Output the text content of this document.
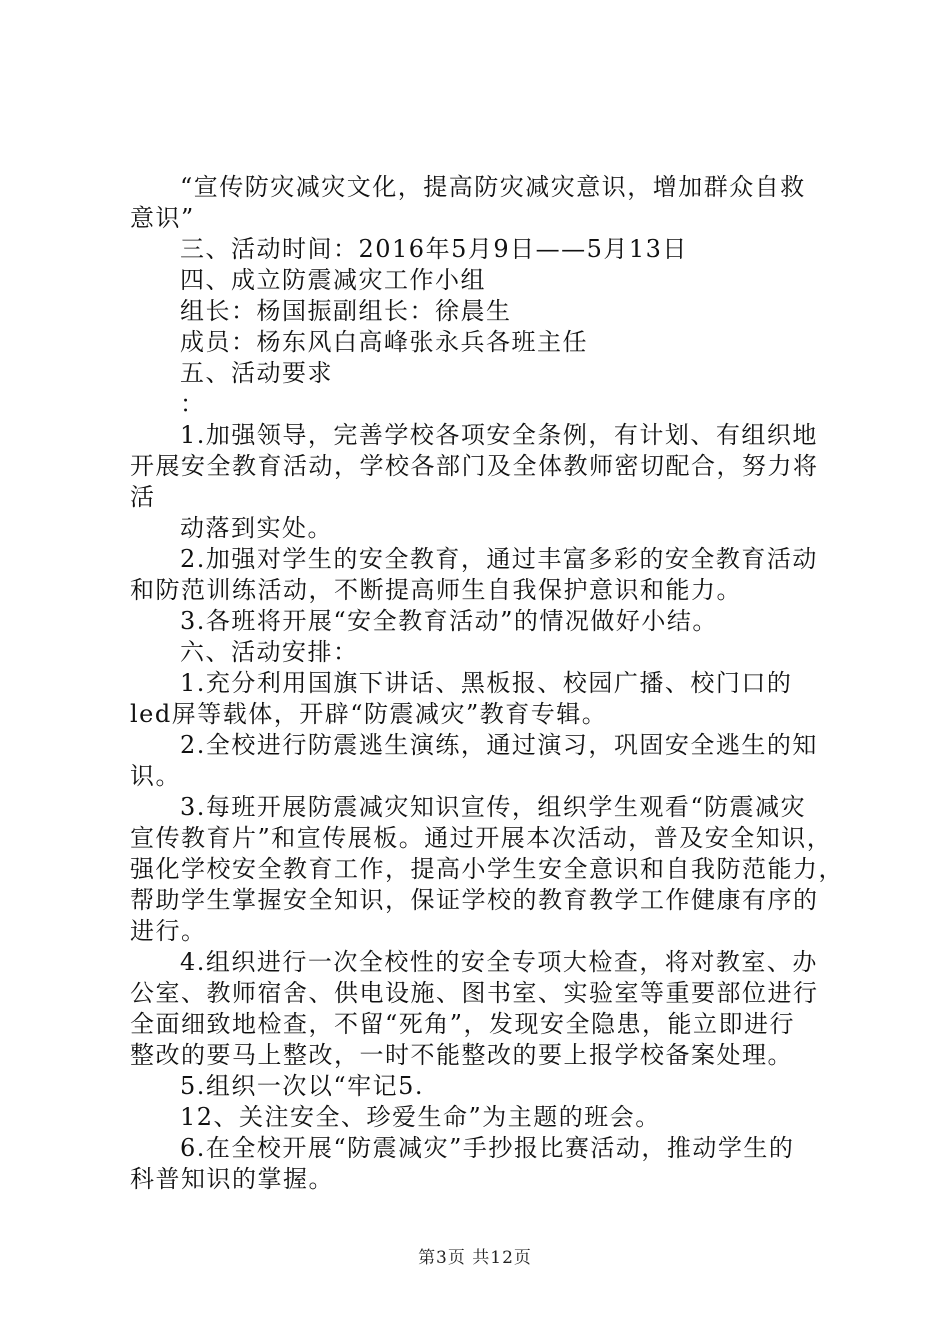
“宣传防灾减灾文化，提高防灾减灾意识，增加群众自救
意识”
三、活动时间：2016年5月9日——5月13日
四、成立防震减灾工作小组
组长：杨国振副组长：徐晨生
成员：杨东风白高峰张永兵各班主任
五、活动要求
：
1.加强领导，完善学校各项安全条例，有计划、有组织地
开展安全教育活动，学校各部门及全体教师密切配合，努力将
活
动落到实处。
2.加强对学生的安全教育，通过丰富多彩的安全教育活动
和防范训练活动，不断提高师生自我保护意识和能力。
3.各班将开展“安全教育活动”的情况做好小结。
六、活动安排：
1.充分利用国旗下讲话、黑板报、校园广播、校门口的
led屏等载体，开辟“防震减灾”教育专辑。
2.全校进行防震逃生演练，通过演习，巩固安全逃生的知
识。
3.每班开展防震减灾知识宣传，组织学生观看“防震减灾
宣传教育片”和宣传展板。通过开展本次活动，普及安全知识，
强化学校安全教育工作，提高小学生安全意识和自我防范能力，
帮助学生掌握安全知识，保证学校的教育教学工作健康有序的
进行。
4.组织进行一次全校性的安全专项大检查，将对教室、办
公室、教师宿舍、供电设施、图书室、实验室等重要部位进行
全面细致地检查，不留“死角”，发现安全隐患，能立即进行
整改的要马上整改，一时不能整改的要上报学校备案处理。
5.组织一次以“牢记5.
12、关注安全、珍爱生命”为主题的班会。
6.在全校开展“防震减灾”手抄报比赛活动，推动学生的
科普知识的掌握。
第3页 共12页
